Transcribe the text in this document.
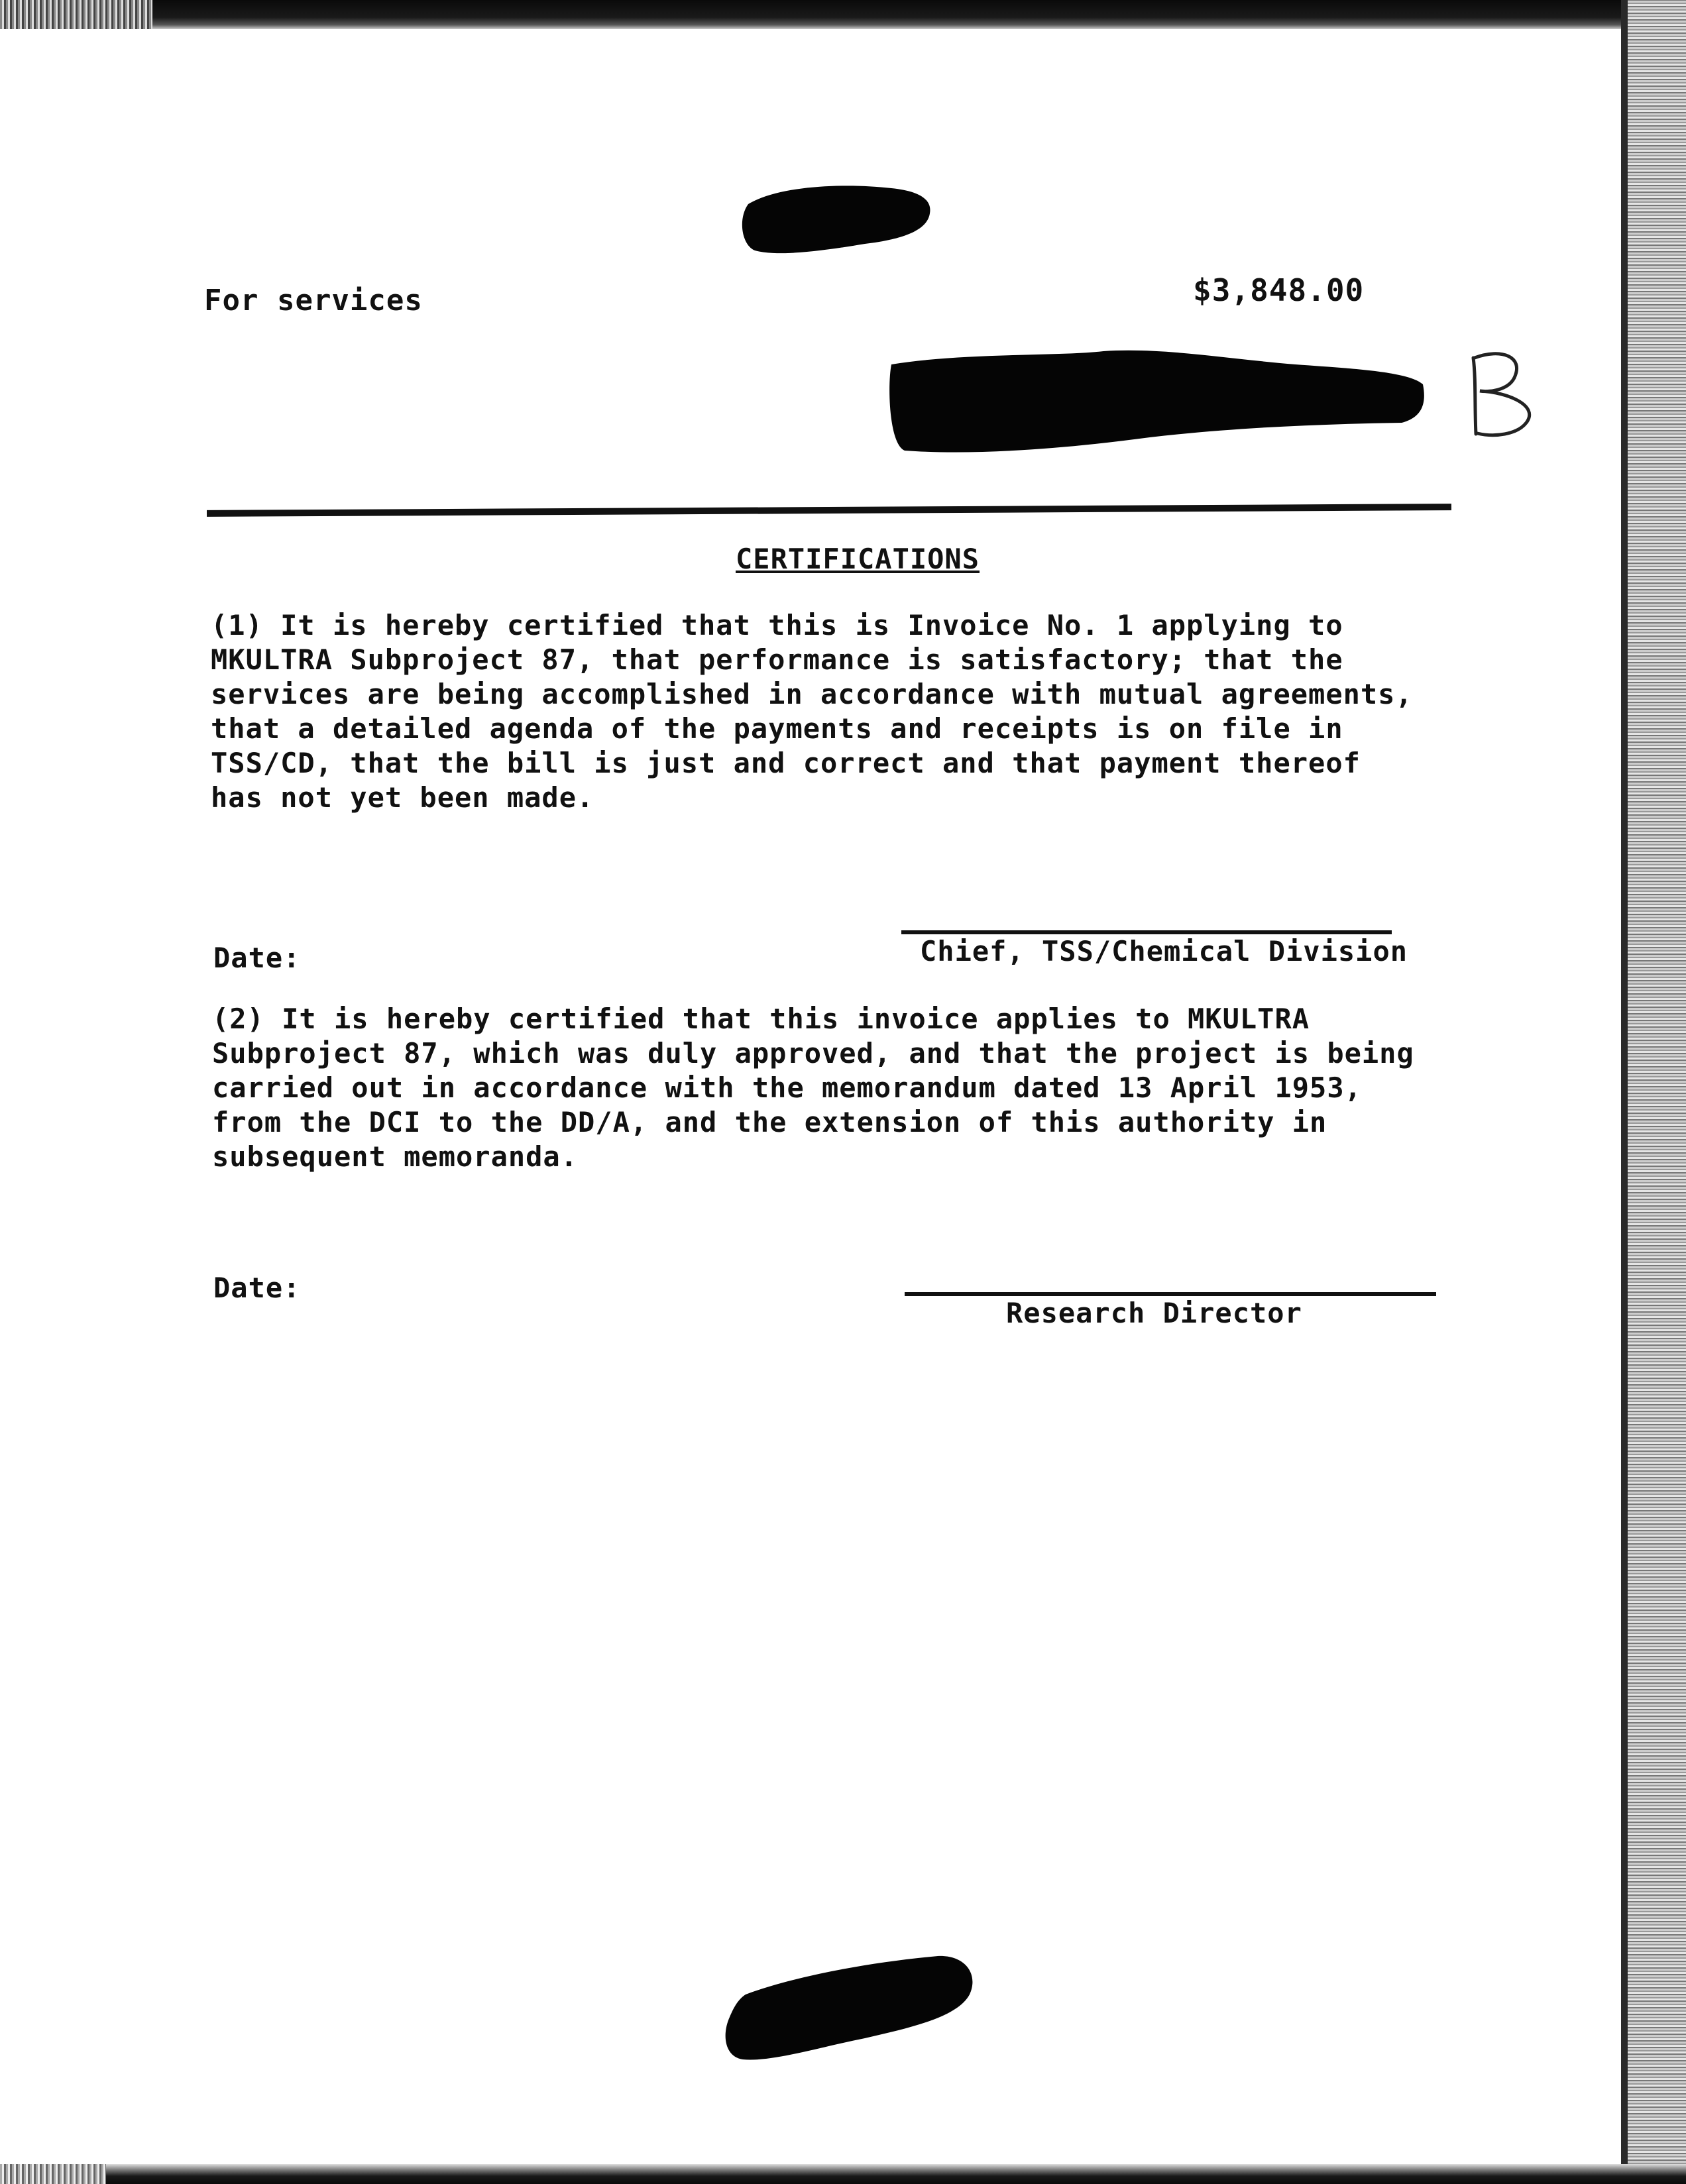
For services	$3,848.00
CERTIFICATIONS
(1) It is hereby certified that this is Invoice No. 1 applying to
MKULTRA Subproject 87, that performance is satisfactory; that the
services are being accomplished in accordance with mutual agreements,
that a detailed agenda of the payments and receipts is on file in
TSS/CD, that the bill is just and correct and that payment thereof
has not yet been made.
Date:	Chief, TSS/Chemical Division
(2) It is hereby certified that this invoice applies to MKULTRA
Subproject 87, which was duly approved, and that the project is being
carried out in accordance with the memorandum dated 13 April 1953,
from the DCI to the DD/A, and the extension of this authority in
subsequent memoranda.
Date:
Research Director
